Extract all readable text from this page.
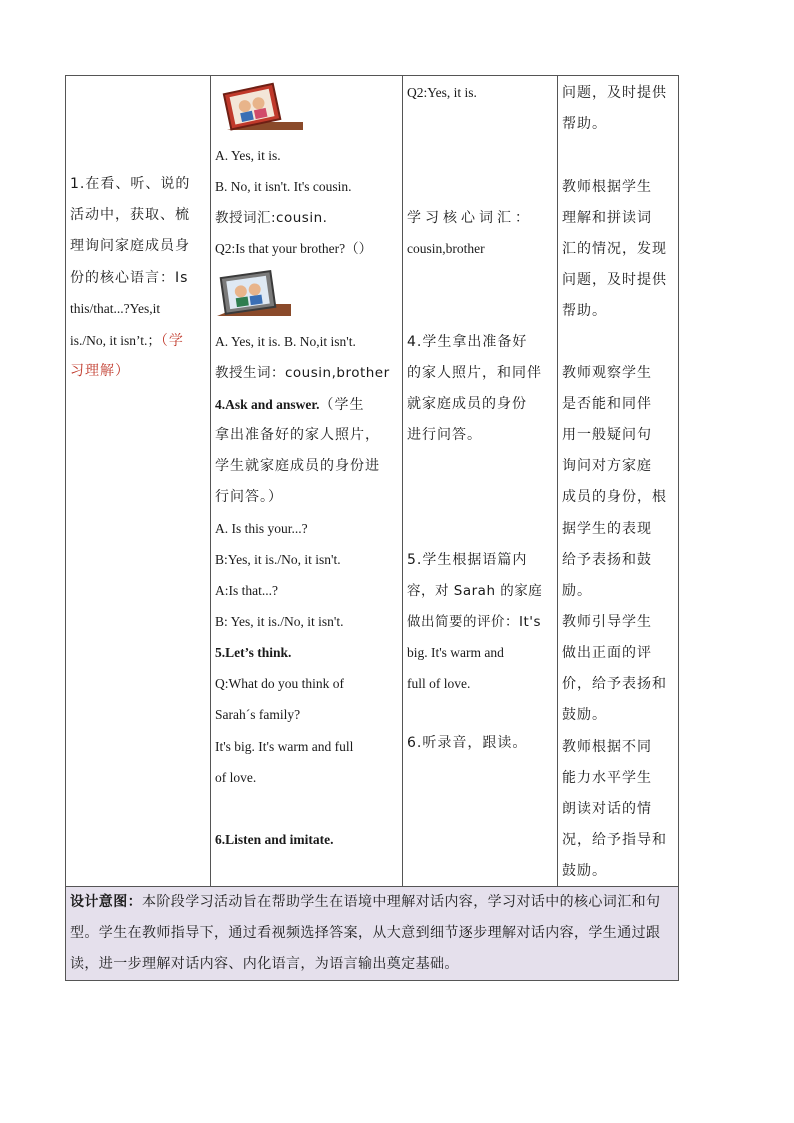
1.在看、听、说的
活动中，获取、梳
理询问家庭成员身
份的核心语言：Is
this/that...?Yes,it
is./No, it isn’t.；（学
习理解）

A. Yes, it is.
B. No, it isn't. It's cousin.
教授词汇:cousin.
Q2:Is that your brother?（）
A. Yes, it is. B. No,it isn't.
教授生词：cousin,brother
4.Ask and answer.（学生
拿出准备好的家人照片，
学生就家庭成员的身份进
行问答。）
A. Is this your...?
B:Yes, it is./No, it isn't.
A:Is that...?
B: Yes, it is./No, it isn't.
5.Let’s think.
Q:What do you think of
Sarah´s family?
It's big. It's warm and full
of love.
6.Listen and imitate.

Q2:Yes, it is.
学习核心词汇：
cousin,brother
4.学生拿出准备好
的家人照片，和同伴
就家庭成员的身份
进行问答。
5.学生根据语篇内
容，对 Sarah 的家庭
做出简要的评价：It's
big. It's warm and
full of love.
6.听录音，跟读。

问题，及时提供
帮助。
教师根据学生
理解和拼读词
汇的情况，发现
问题，及时提供
帮助。
教师观察学生
是否能和同伴
用一般疑问句
询问对方家庭
成员的身份，根
据学生的表现
给予表扬和鼓
励。
教师引导学生
做出正面的评
价，给予表扬和
鼓励。
教师根据不同
能力水平学生
朗读对话的情
况，给予指导和
鼓励。

设计意图：本阶段学习活动旨在帮助学生在语境中理解对话内容，学习对话中的核心词汇和句型。学生在教师指导下，通过看视频选择答案，从大意到细节逐步理解对话内容，学生通过跟读，进一步理解对话内容、内化语言，为语言输出奠定基础。
